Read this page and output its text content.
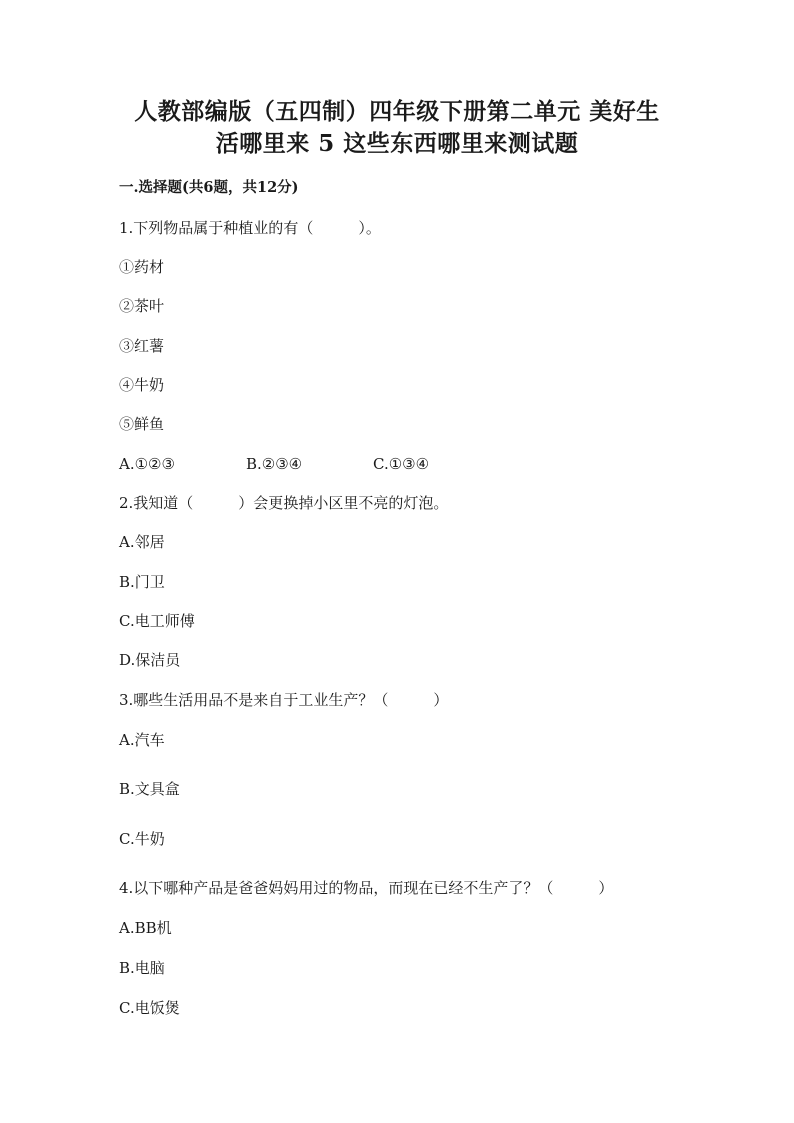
人教部编版（五四制）四年级下册第二单元 美好生
活哪里来 5 这些东西哪里来测试题
一.选择题(共6题，共12分)
1.下列物品属于种植业的有（　　　）。
①药材
②茶叶
③红薯
④牛奶
⑤鲜鱼
A.①②③	B.②③④	C.①③④
2.我知道（　　　）会更换掉小区里不亮的灯泡。
A.邻居
B.门卫
C.电工师傅
D.保洁员
3.哪些生活用品不是来自于工业生产？（　　　）
A.汽车
B.文具盒
C.牛奶
4.以下哪种产品是爸爸妈妈用过的物品，而现在已经不生产了？（　　　）
A.BB机
B.电脑
C.电饭煲
